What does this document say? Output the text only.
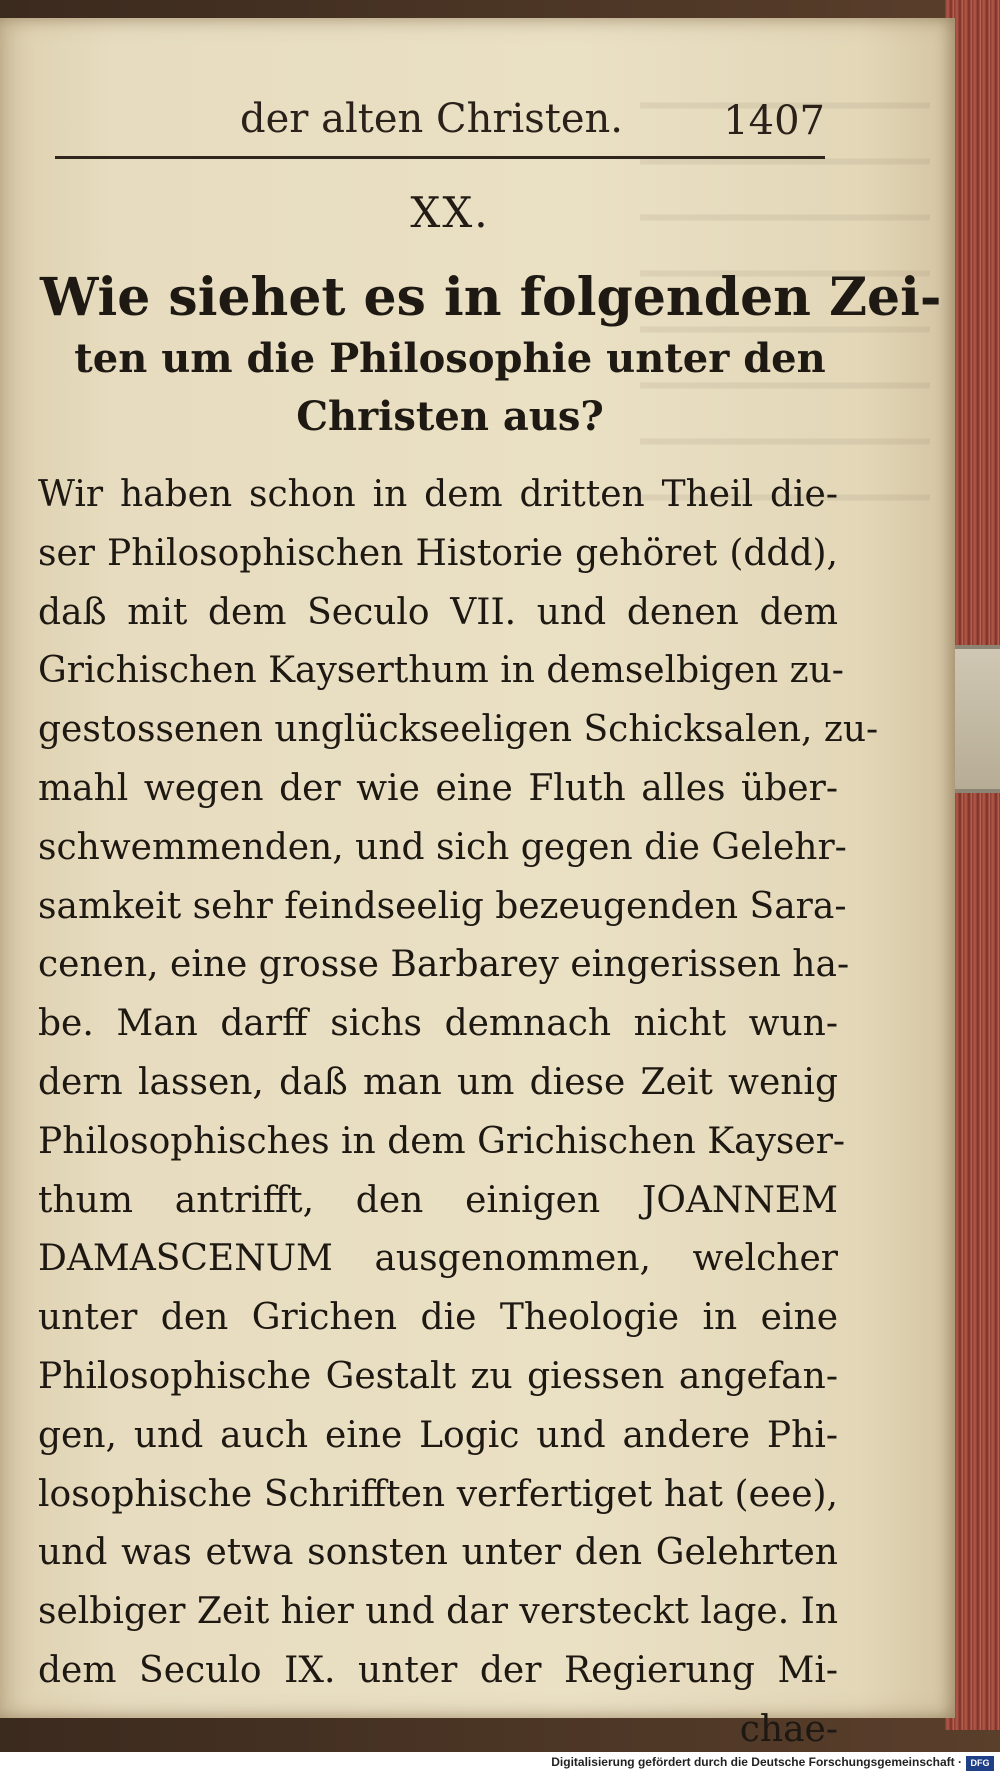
der alten Christen.	1407
XX.
Wie siehet es in folgenden Zei-
ten um die Philosophie unter den
Christen aus?
Wir haben schon in dem dritten Theil die-
ser Philosophischen Historie gehöret (ddd),
daß mit dem Seculo VII. und denen dem
Grichischen Kayserthum in demselbigen zu-
gestossenen unglückseeligen Schicksalen, zu-
mahl wegen der wie eine Fluth alles über-
schwemmenden, und sich gegen die Gelehr-
samkeit sehr feindseelig bezeugenden Sara-
cenen, eine grosse Barbarey eingerissen ha-
be. Man darff sichs demnach nicht wun-
dern lassen, daß man um diese Zeit wenig
Philosophisches in dem Grichischen Kayser-
thum antrifft, den einigen JOANNEM
DAMASCENUM ausgenommen, welcher
unter den Grichen die Theologie in eine
Philosophische Gestalt zu giessen angefan-
gen, und auch eine Logic und andere Phi-
losophische Schrifften verfertiget hat (eee),
und was etwa sonsten unter den Gelehrten
selbiger Zeit hier und dar versteckt lage. In
dem Seculo IX. unter der Regierung Mi-
chae-
Digitalisierung gefördert durch die Deutsche Forschungsgemeinschaft · DFG
